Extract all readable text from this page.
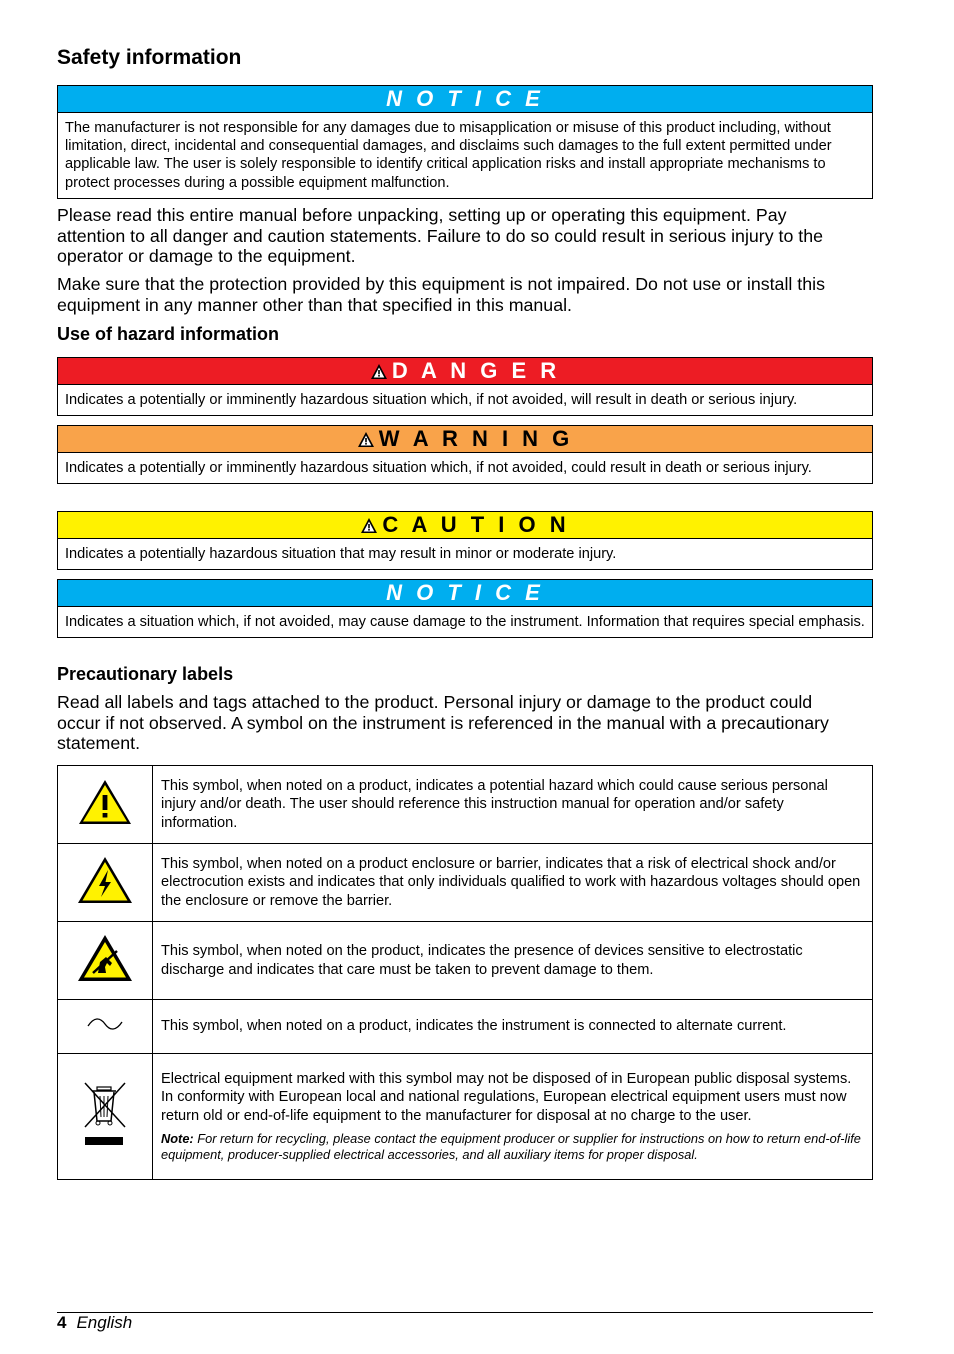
Safety information
N O T I C E
The manufacturer is not responsible for any damages due to misapplication or misuse of this product including, without limitation, direct, incidental and consequential damages, and disclaims such damages to the full extent permitted under applicable law. The user is solely responsible to identify critical application risks and install appropriate mechanisms to protect processes during a possible equipment malfunction.

Please read this entire manual before unpacking, setting up or operating this equipment. Pay attention to all danger and caution statements. Failure to do so could result in serious injury to the operator or damage to the equipment.

Make sure that the protection provided by this equipment is not impaired. Do not use or install this equipment in any manner other than that specified in this manual.

Use of hazard information
D A N G E R
Indicates a potentially or imminently hazardous situation which, if not avoided, will result in death or serious injury.
W A R N I N G
Indicates a potentially or imminently hazardous situation which, if not avoided, could result in death or serious injury.
C A U T I O N
Indicates a potentially hazardous situation that may result in minor or moderate injury.
N O T I C E
Indicates a situation which, if not avoided, may cause damage to the instrument. Information that requires special emphasis.
Precautionary labels

Read all labels and tags attached to the product. Personal injury or damage to the product could occur if not observed. A symbol on the instrument is referenced in the manual with a precautionary statement.

	This symbol, when noted on a product, indicates a potential hazard which could cause serious personal injury and/or death. The user should reference this instruction manual for operation and/or safety information.
	This symbol, when noted on a product enclosure or barrier, indicates that a risk of electrical shock and/or electrocution exists and indicates that only individuals qualified to work with hazardous voltages should open the enclosure or remove the barrier.
	This symbol, when noted on the product, indicates the presence of devices sensitive to electrostatic discharge and indicates that care must be taken to prevent damage to them.
	This symbol, when noted on a product, indicates the instrument is connected to alternate current.

Electrical equipment marked with this symbol may not be disposed of in European public disposal systems. In conformity with European local and national regulations, European electrical equipment users must now return old or end-of-life equipment to the manufacturer for disposal at no charge to the user.
Note: For return for recycling, please contact the equipment producer or supplier for instructions on how to return end-of-life equipment, producer-supplied electrical accessories, and all auxiliary items for proper disposal.
4 English
